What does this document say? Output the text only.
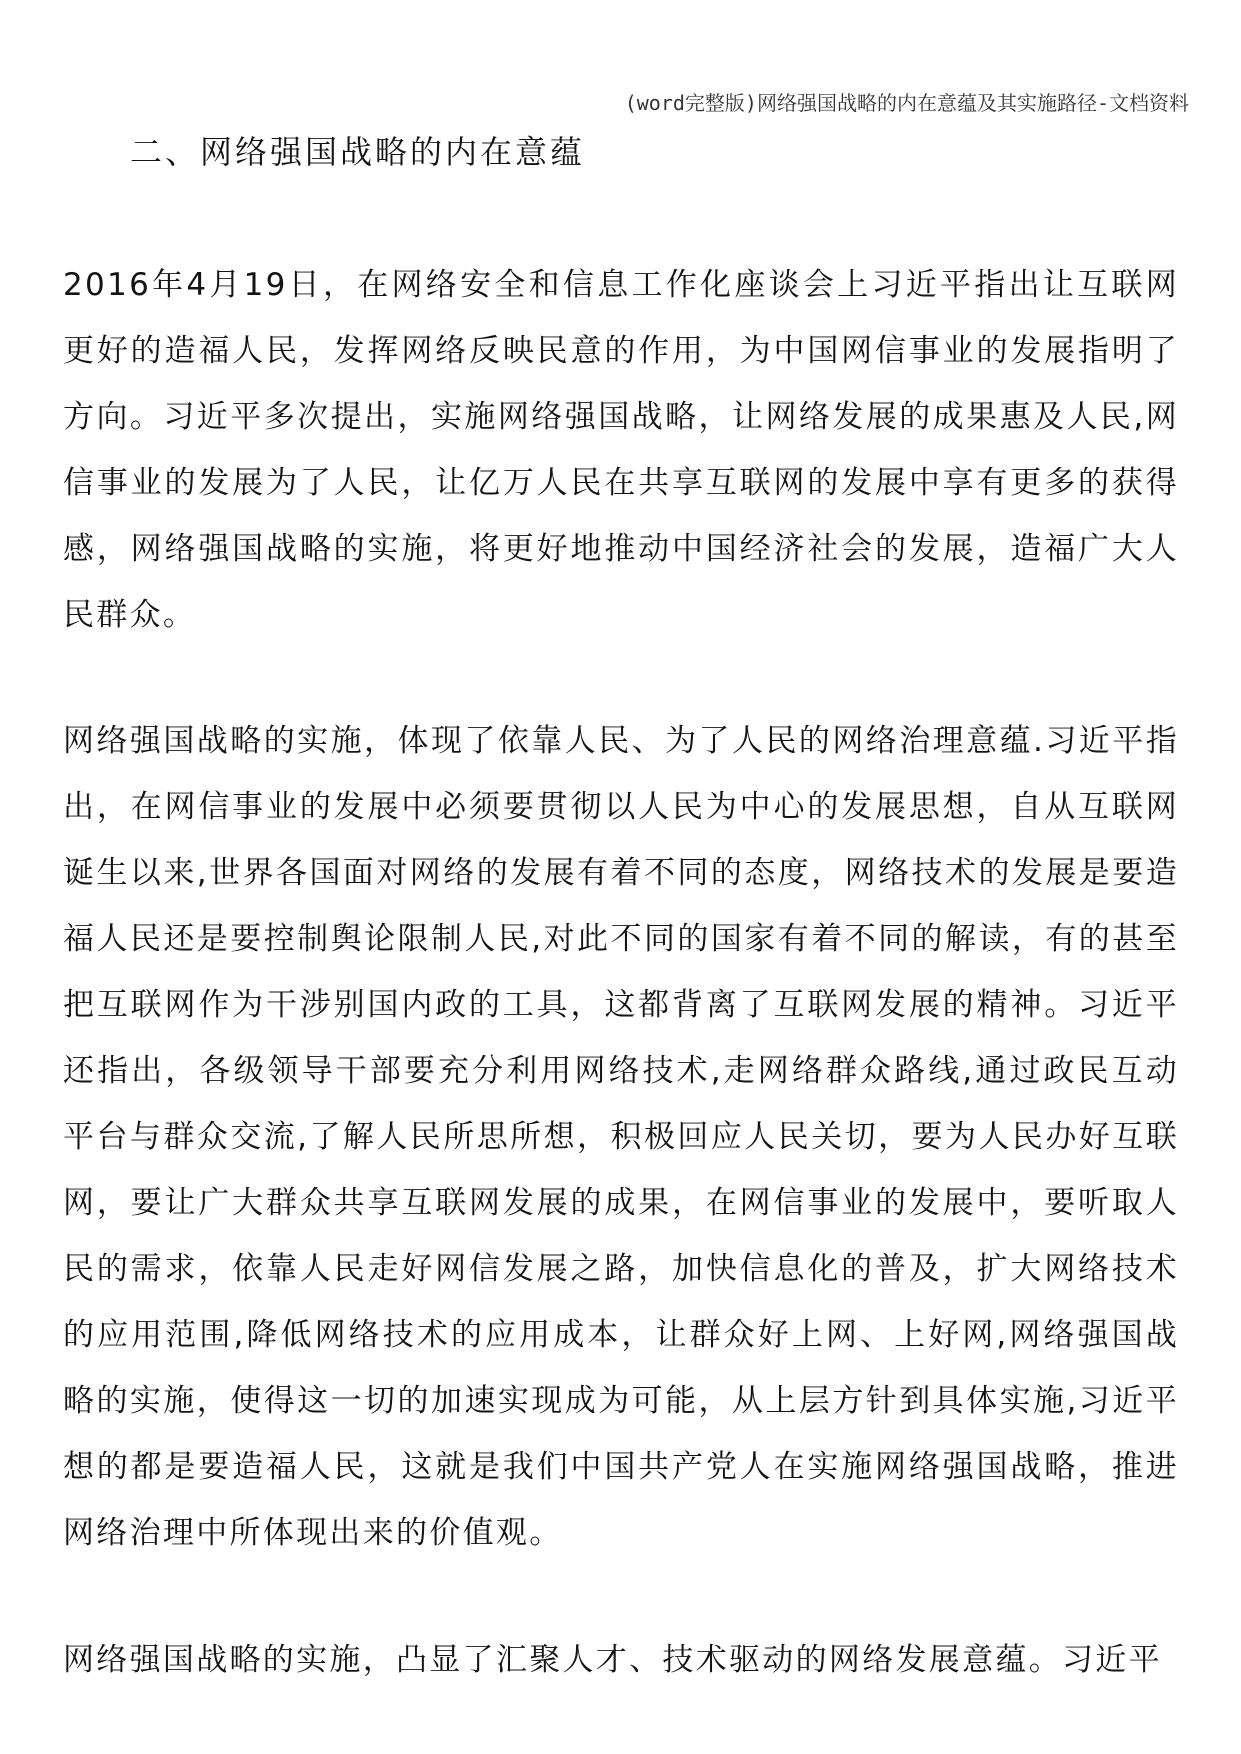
(word完整版)网络强国战略的内在意蕴及其实施路径-文档资料
二、网络强国战略的内在意蕴

2016年4月19日，在网络安全和信息工作化座谈会上习近平指出让互联网更好的造福人民，发挥网络反映民意的作用，为中国网信事业的发展指明了方向。习近平多次提出，实施网络强国战略，让网络发展的成果惠及人民,网信事业的发展为了人民，让亿万人民在共享互联网的发展中享有更多的获得感，网络强国战略的实施，将更好地推动中国经济社会的发展，造福广大人民群众。

网络强国战略的实施，体现了依靠人民、为了人民的网络治理意蕴.习近平指出，在网信事业的发展中必须要贯彻以人民为中心的发展思想，自从互联网诞生以来,世界各国面对网络的发展有着不同的态度，网络技术的发展是要造福人民还是要控制舆论限制人民,对此不同的国家有着不同的解读，有的甚至把互联网作为干涉别国内政的工具，这都背离了互联网发展的精神。习近平还指出，各级领导干部要充分利用网络技术,走网络群众路线,通过政民互动平台与群众交流,了解人民所思所想，积极回应人民关切，要为人民办好互联网，要让广大群众共享互联网发展的成果，在网信事业的发展中，要听取人民的需求，依靠人民走好网信发展之路，加快信息化的普及，扩大网络技术的应用范围,降低网络技术的应用成本，让群众好上网、上好网,网络强国战略的实施，使得这一切的加速实现成为可能，从上层方针到具体实施,习近平想的都是要造福人民，这就是我们中国共产党人在实施网络强国战略，推进网络治理中所体现出来的价值观。

网络强国战略的实施，凸显了汇聚人才、技术驱动的网络发展意蕴。习近平
